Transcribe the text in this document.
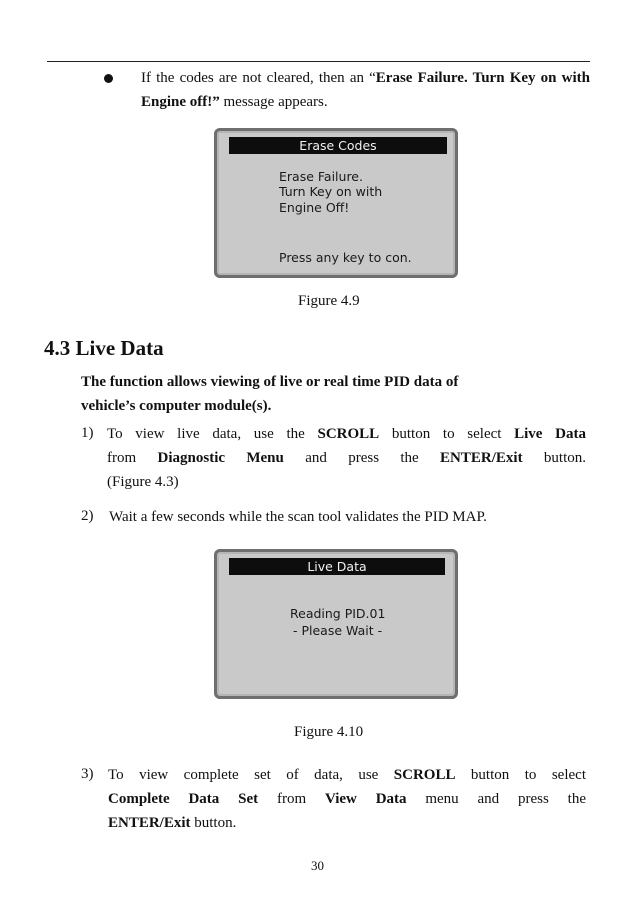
If the codes are not cleared, then an “Erase Failure. Turn Key on with Engine off!” message appears.
Erase Codes
Erase Failure.
Turn Key on with
Engine Off!
Press any key to con.
Figure 4.9
4.3 Live Data
The function allows viewing of live or real time PID data of
vehicle’s computer module(s).
1) To view live data, use the SCROLL button to select Live Data
from Diagnostic Menu and press the ENTER/Exit button.
(Figure 4.3)
2) Wait a few seconds while the scan tool validates the PID MAP.
Live Data
Reading PID.01
- Please Wait -
Figure 4.10
3) To view complete set of data, use SCROLL button to select
Complete Data Set from View Data menu and press the
ENTER/Exit button.
30
